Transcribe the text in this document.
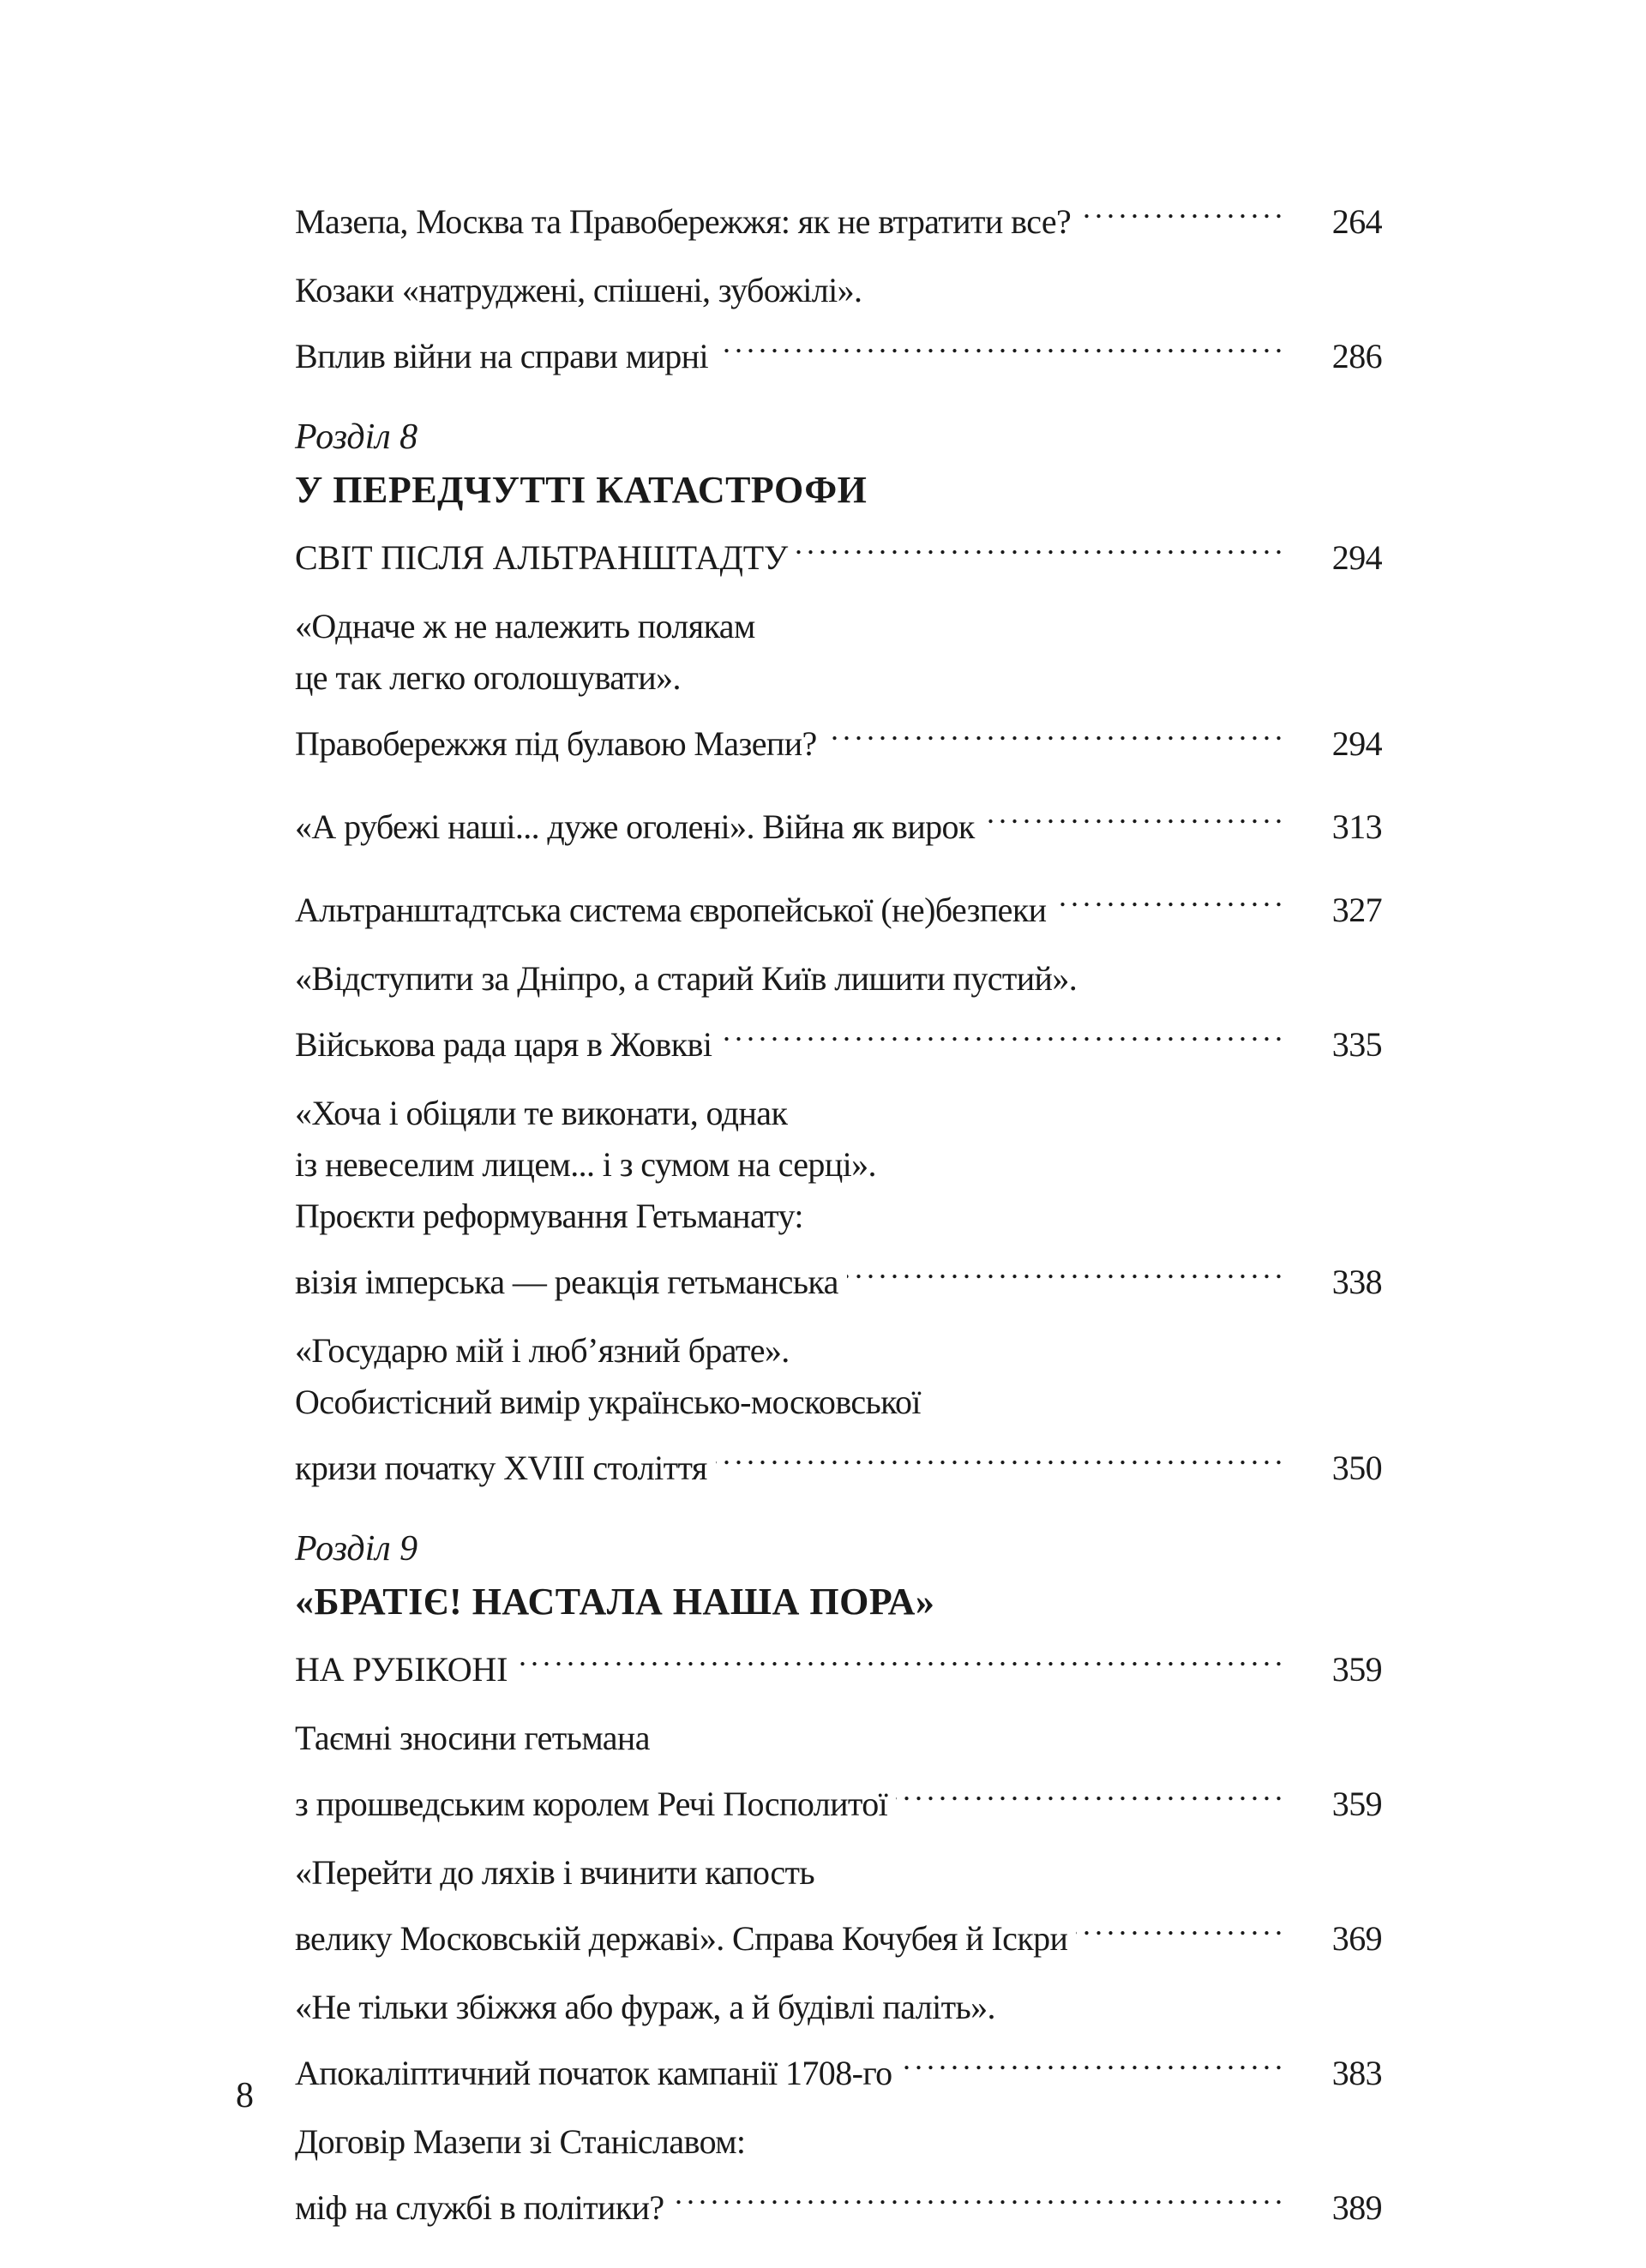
Мазепа, Москва та Правобережжя: як не втратити все? . . .	264
Козаки «натруджені, спішені, зубожілі».
Вплив війни на справи мирні . . .	286
Розділ 8
У ПЕРЕДЧУТТІ КАТАСТРОФИ
СВІТ ПІСЛЯ АЛЬТРАНШТАДТУ . . .	294
«Одначе ж не належить полякам
це так легко оголошувати».
Правобережжя під булавою Мазепи? . . .	294
«А рубежі наші... дуже оголені». Війна як вирок . . .	313
Альтранштадтська система європейської (не)безпеки . . .	327
«Відступити за Дніпро, а старий Київ лишити пустий».
Військова рада царя в Жовкві . . .	335
«Хоча і обіцяли те виконати, однак
із невеселим лицем... і з сумом на серці».
Проєкти реформування Гетьманату:
візія імперська — реакція гетьманська . . .	338
«Государю мій і любʼязний брате».
Особистісний вимір українсько-московської
кризи початку XVIII століття . . .	350
Розділ 9
«БРАТІЄ! НАСТАЛА НАША ПОРА»
НА РУБІКОНІ . . .	359
Таємні зносини гетьмана
з прошведським королем Речі Посполитої . . .	359
«Перейти до ляхів і вчинити капость
велику Московській державі». Справа Кочубея й Іскри . . .	369
«Не тільки збіжжя або фураж, а й будівлі паліть».
Апокаліптичний початок кампанії 1708-го . . .	383
Договір Мазепи зі Станіславом:
міф на службі в політики? . . .	389
8
